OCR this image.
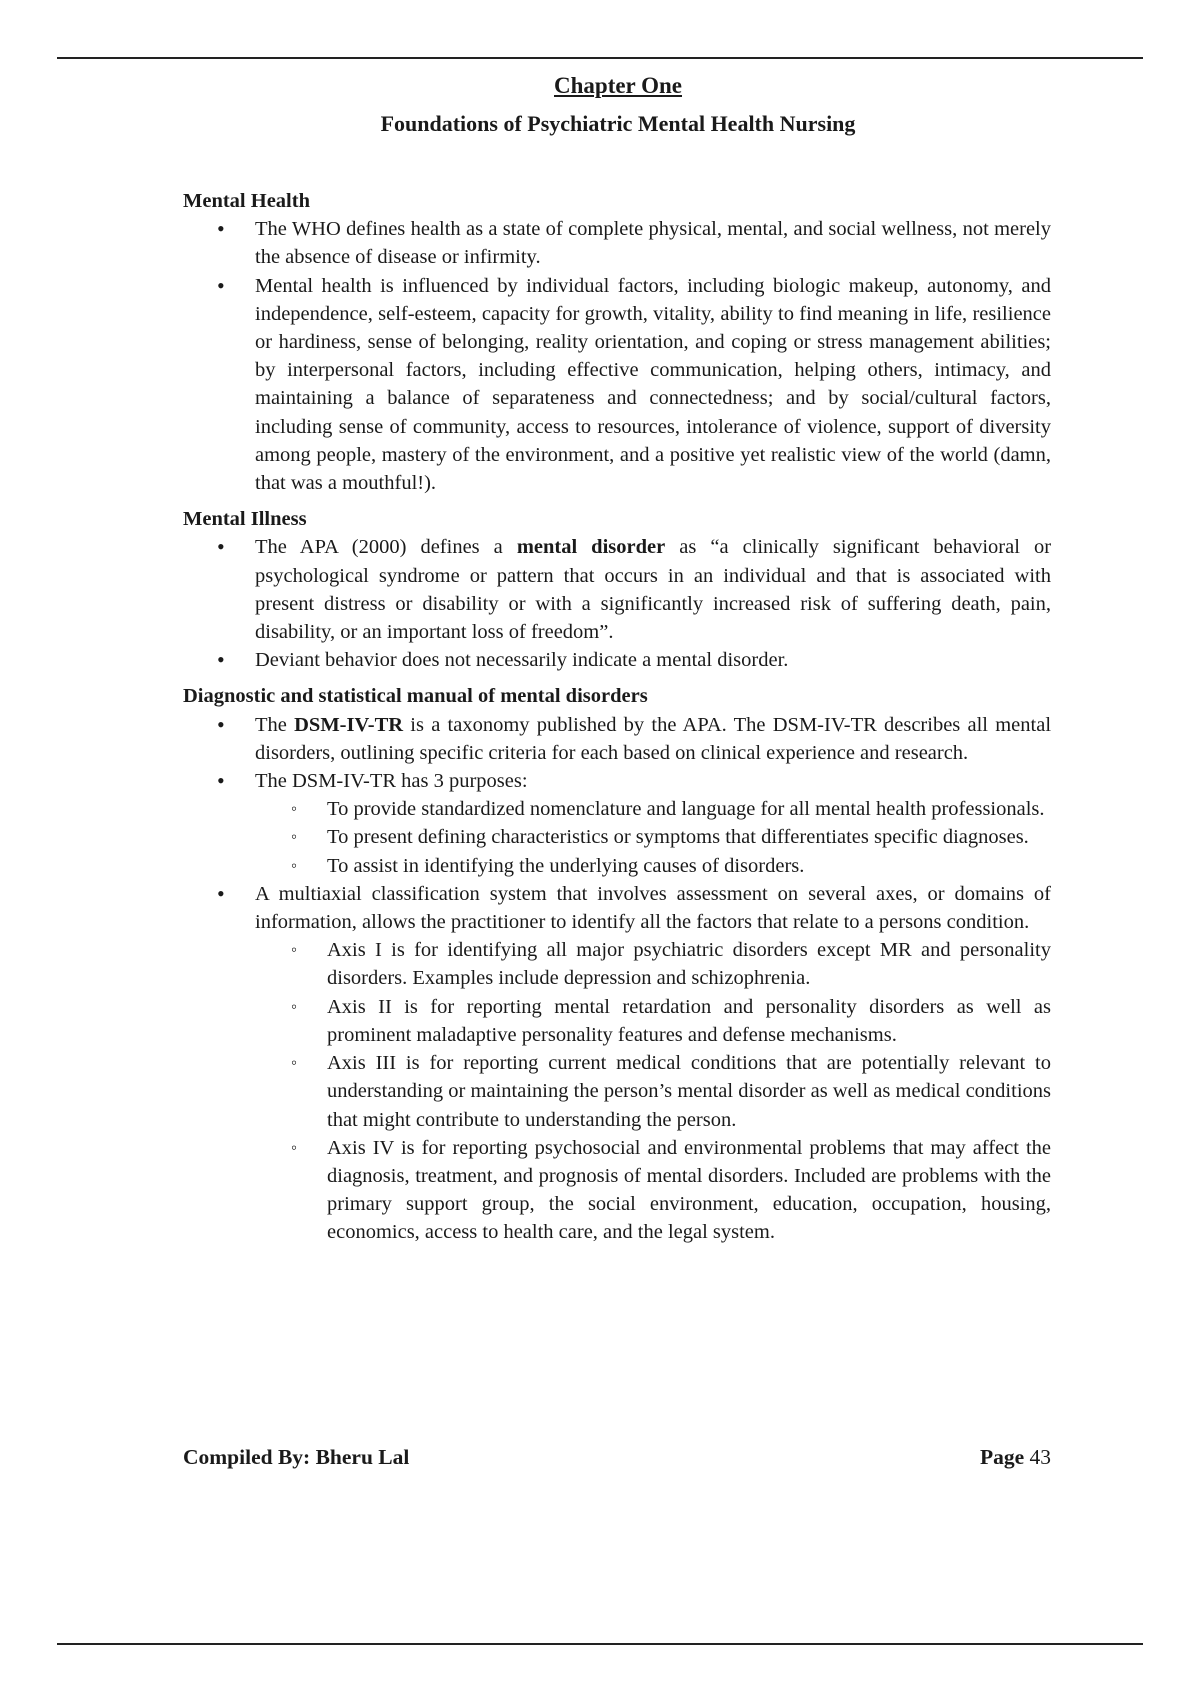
Chapter One
Foundations of Psychiatric Mental Health Nursing

Mental Health

• The WHO defines health as a state of complete physical, mental, and social wellness, not merely the absence of disease or infirmity.
• Mental health is influenced by individual factors, including biologic makeup, autonomy, and independence, self-esteem, capacity for growth, vitality, ability to find meaning in life, resilience or hardiness, sense of belonging, reality orientation, and coping or stress management abilities; by interpersonal factors, including effective communication, helping others, intimacy, and maintaining a balance of separateness and connectedness; and by social/cultural factors, including sense of community, access to resources, intolerance of violence, support of diversity among people, mastery of the environment, and a positive yet realistic view of the world (damn, that was a mouthful!).

Mental Illness

• The APA (2000) defines a mental disorder as “a clinically significant behavioral or psychological syndrome or pattern that occurs in an individual and that is associated with present distress or disability or with a significantly increased risk of suffering death, pain, disability, or an important loss of freedom”.
• Deviant behavior does not necessarily indicate a mental disorder.

Diagnostic and statistical manual of mental disorders

• The DSM-IV-TR is a taxonomy published by the APA. The DSM-IV-TR describes all mental disorders, outlining specific criteria for each based on clinical experience and research.
• The DSM-IV-TR has 3 purposes:
◦ To provide standardized nomenclature and language for all mental health professionals.
◦ To present defining characteristics or symptoms that differentiates specific diagnoses.
◦ To assist in identifying the underlying causes of disorders.
• A multiaxial classification system that involves assessment on several axes, or domains of information, allows the practitioner to identify all the factors that relate to a persons condition.
◦ Axis I is for identifying all major psychiatric disorders except MR and personality disorders. Examples include depression and schizophrenia.
◦ Axis II is for reporting mental retardation and personality disorders as well as prominent maladaptive personality features and defense mechanisms.
◦ Axis III is for reporting current medical conditions that are potentially relevant to understanding or maintaining the person’s mental disorder as well as medical conditions that might contribute to understanding the person.
◦ Axis IV is for reporting psychosocial and environmental problems that may affect the diagnosis, treatment, and prognosis of mental disorders. Included are problems with the primary support group, the social environment, education, occupation, housing, economics, access to health care, and the legal system.
Compiled By: Bheru Lal	Page 43
